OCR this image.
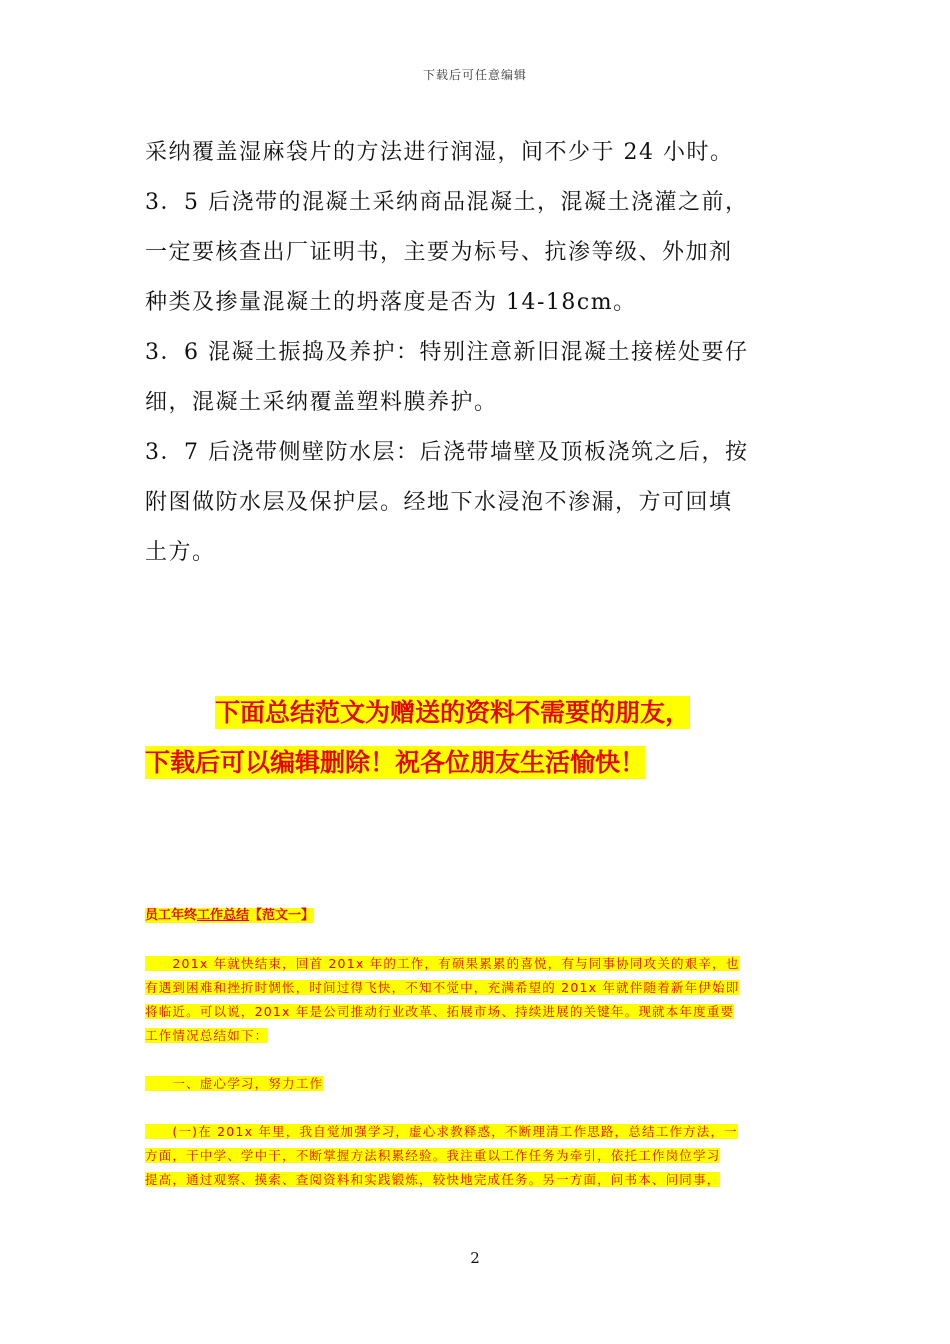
下载后可任意编辑

采纳覆盖湿麻袋片的方法进行润湿，间不少于 24 小时。

3．5 后浇带的混凝土采纳商品混凝土，混凝土浇灌之前，

一定要核查出厂证明书，主要为标号、抗渗等级、外加剂

种类及掺量混凝土的坍落度是否为 14-18cm。

3．6 混凝土振捣及养护：特别注意新旧混凝土接槎处要仔

细，混凝土采纳覆盖塑料膜养护。

3．7 后浇带侧壁防水层：后浇带墙壁及顶板浇筑之后，按

附图做防水层及保护层。经地下水浸泡不渗漏，方可回填

土方。

下面总结范文为赠送的资料不需要的朋友，
下载后可以编辑删除！祝各位朋友生活愉快！
员工年终工作总结【范文一】

　　201x 年就快结束，回首 201x 年的工作，有硕果累累的喜悦，有与同事协同攻关的艰辛，也

有遇到困难和挫折时惆怅，时间过得飞快，不知不觉中，充满希望的 201x 年就伴随着新年伊始即

将临近。可以说，201x 年是公司推动行业改革、拓展市场、持续进展的关键年。现就本年度重要

工作情况总结如下：

　　一、虚心学习，努力工作

　　(一)在 201x 年里，我自觉加强学习，虚心求教释惑，不断理清工作思路，总结工作方法，一

方面，干中学、学中干，不断掌握方法积累经验。我注重以工作任务为牵引，依托工作岗位学习

提高，通过观察、摸索、查阅资料和实践锻炼，较快地完成任务。另一方面，问书本、问同事，

2
